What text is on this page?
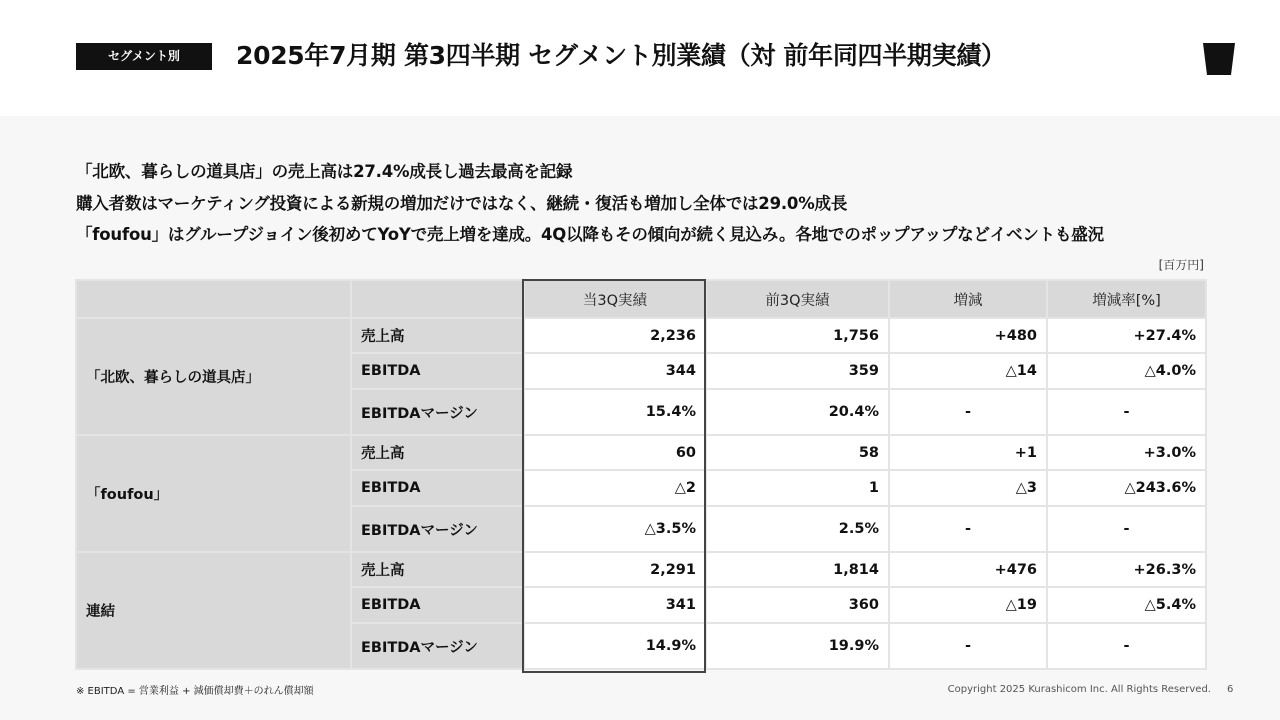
セグメント別	2025年7月期 第3四半期 セグメント別業績（対 前年同四半期実績）
「北欧、暮らしの道具店」の売上高は27.4%成長し過去最高を記録
購入者数はマーケティング投資による新規の増加だけではなく、継続・復活も増加し全体では29.0%成長
「foufou」はグループジョイン後初めてYoYで売上増を達成。4Q以降もその傾向が続く見込み。各地でのポップアップなどイベントも盛況
[百万円]
		当3Q実績	前3Q実績	増減	増減率[%]
「北欧、暮らしの道具店」	売上高	2,236	1,756	+480	+27.4%
	EBITDA	344	359	△14	△4.0%
	EBITDAマージン	15.4%	20.4%	-	-
「foufou」	売上高	60	58	+1	+3.0%
	EBITDA	△2	1	△3	△243.6%
	EBITDAマージン	△3.5%	2.5%	-	-
連結	売上高	2,291	1,814	+476	+26.3%
	EBITDA	341	360	△19	△5.4%
	EBITDAマージン	14.9%	19.9%	-	-
※ EBITDA = 営業利益 + 減価償却費＋のれん償却額	Copyright 2025 Kurashicom Inc. All Rights Reserved. 6
